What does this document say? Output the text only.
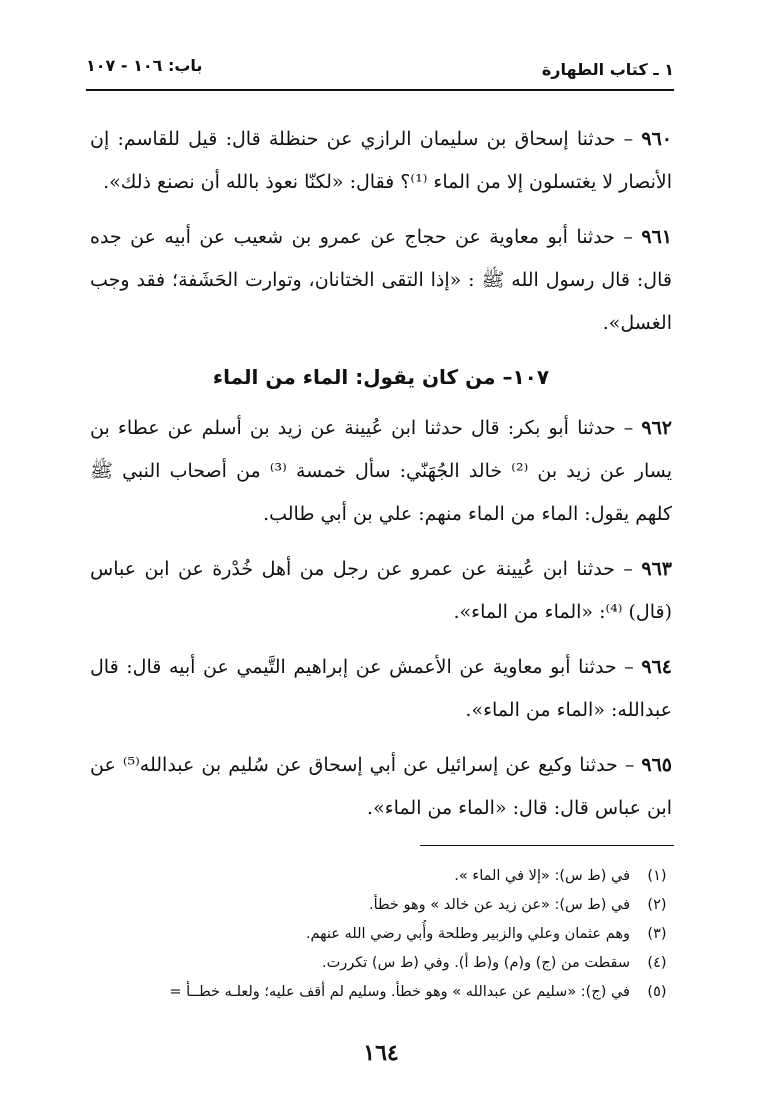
١ ـ كتاب الطهارة
باب: ١٠٦ - ١٠٧

٩٦٠ – حدثنا إسحاق بن سليمان الرازي عن حنظلة قال: قيل للقاسم: إن الأنصار لا يغتسلون إلا من الماء ⁽¹⁾؟ فقال: «لكنّا نعوذ بالله أن نصنع ذلك».

٩٦١ – حدثنا أبو معاوية عن حجاج عن عمرو بن شعيب عن أبيه عن جده قال: قال رسول الله ﷺ : «إذا التقى الختانان، وتوارت الحَشَفة؛ فقد وجب الغسل».

١٠٧– من كان يقول: الماء من الماء

٩٦٢ – حدثنا أبو بكر: قال حدثنا ابن عُيينة عن زيد بن أسلم عن عطاء بن يسار عن زيد بن ⁽²⁾ خالد الجُهَنّي: سأل خمسة ⁽³⁾ من أصحاب النبي ﷺ كلهم يقول: الماء من الماء منهم: علي بن أبي طالب.

٩٦٣ – حدثنا ابن عُيينة عن عمرو عن رجل من أهل خُدْرة عن ابن عباس (قال) ⁽⁴⁾: «الماء من الماء».

٩٦٤ – حدثنا أبو معاوية عن الأعمش عن إبراهيم التَّيمي عن أبيه قال: قال عبدالله: «الماء من الماء».

٩٦٥ – حدثنا وكيع عن إسرائيل عن أبي إسحاق عن سُليم بن عبدالله⁽⁵⁾ عن ابن عباس قال: قال: «الماء من الماء».

(١)
في (ط س): «إلا في الماء ».
(٢)
في (ط س): «عن زيد عن خالد » وهو خطأ.
(٣)
وهم عثمان وعلي والزبير وطلحة وأُبي رضي الله عنهم.
(٤)
سقطت من (ج) و(م) و(ط أ). وفي (ط س) تكررت.
(٥)
في (ج): «سليم عن عبدالله » وهو خطأ. وسليم لم أقف عليه؛ ولعلـه خطــأ =
١٦٤
